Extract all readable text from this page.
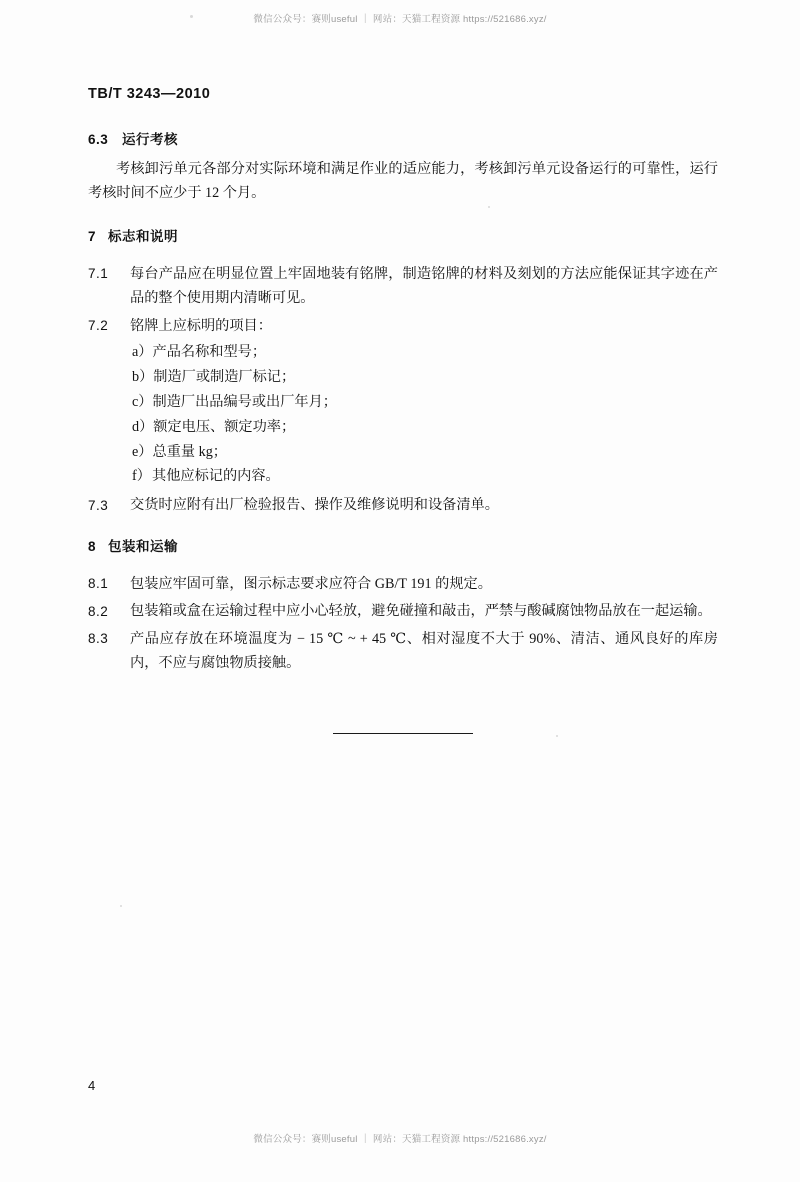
微信公众号：赛则useful ｜ 网站：天猫工程资源 https://521686.xyz/
TB/T 3243—2010
6.3 运行考核

考核卸污单元各部分对实际环境和满足作业的适应能力，考核卸污单元设备运行的可靠性，运行考核时间不应少于 12 个月。

7 标志和说明
7.1	每台产品应在明显位置上牢固地装有铭牌，制造铭牌的材料及刻划的方法应能保证其字迹在产品的整个使用期内清晰可见。
7.2	铭牌上应标明的项目：
a） 产品名称和型号；
b） 制造厂或制造厂标记；
c） 制造厂出品编号或出厂年月；
d） 额定电压、额定功率；
e） 总重量 kg；
f） 其他应标记的内容。
7.3	交货时应附有出厂检验报告、操作及维修说明和设备清单。
8 包装和运输
8.1	包装应牢固可靠，图示标志要求应符合 GB/T 191 的规定。
8.2	包装箱或盒在运输过程中应小心轻放，避免碰撞和敲击，严禁与酸碱腐蚀物品放在一起运输。
8.3	产品应存放在环境温度为 − 15 ℃ ~ + 45 ℃、相对湿度不大于 90%、清洁、通风良好的库房内，不应与腐蚀物质接触。
4
微信公众号：赛则useful ｜ 网站：天猫工程资源 https://521686.xyz/
